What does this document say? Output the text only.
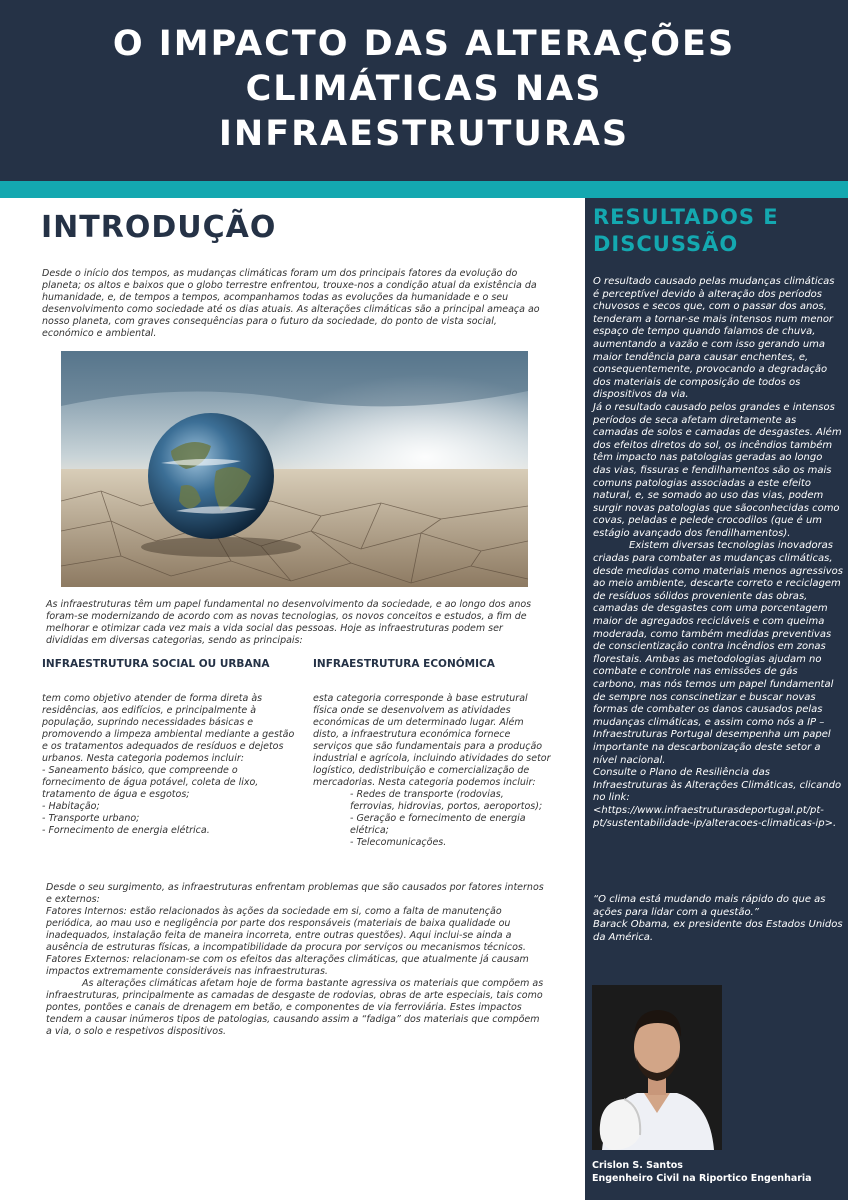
O IMPACTO DAS ALTERAÇÕES
CLIMÁTICAS NAS
INFRAESTRUTURAS
INTRODUÇÃO

Desde o início dos tempos, as mudanças climáticas foram um dos principais fatores da evolução do planeta; os altos e baixos que o globo terrestre enfrentou, trouxe-nos a condição atual da existência da humanidade, e, de tempos a tempos, acompanhamos todas as evoluções da humanidade e o seu desenvolvimento como sociedade até os dias atuais. As alterações climáticas são a principal ameaça ao nosso planeta, com graves consequências para o futuro da sociedade, do ponto de vista social, económico e ambiental.

As infraestruturas têm um papel fundamental no desenvolvimento da sociedade, e ao longo dos anos foram-se modernizando de acordo com as novas tecnologias, os novos conceitos e estudos, a fim de melhorar e otimizar cada vez mais a vida social das pessoas. Hoje as infraestruturas podem ser divididas em diversas categorias, sendo as principais:

INFRAESTRUTURA SOCIAL OU URBANA	INFRAESTRUTURA ECONÓMICA

tem como objetivo atender de forma direta às residências, aos edifícios, e principalmente à população, suprindo necessidades básicas e promovendo a limpeza ambiental mediante a gestão e os tratamentos adequados de resíduos e dejetos urbanos. Nesta categoria podemos incluir:

- Saneamento básico, que compreende o fornecimento de água potável, coleta de lixo, tratamento de água e esgotos;

- Habitação;

- Transporte urbano;

- Fornecimento de energia elétrica.

esta categoria corresponde à base estrutural física onde se desenvolvem as atividades económicas de um determinado lugar. Além disto, a infraestrutura económica fornece serviços que são fundamentais para a produção industrial e agrícola, incluindo atividades do setor logístico, dedistribuição e comercialização de mercadorias. Nesta categoria podemos incluir:

- Redes de transporte (rodovias, ferrovias, hidrovias, portos, aeroportos);

- Geração e fornecimento de energia elétrica;

- Telecomunicações.

Desde o seu surgimento, as infraestruturas enfrentam problemas que são causados por fatores internos e externos:

Fatores Internos: estão relacionados às ações da sociedade em si, como a falta de manutenção periódica, ao mau uso e negligência por parte dos responsáveis (materiais de baixa qualidade ou inadequados, instalação feita de maneira incorreta, entre outras questões). Aqui inclui-se ainda a ausência de estruturas físicas, a incompatibilidade da procura por serviços ou mecanismos técnicos.

Fatores Externos: relacionam-se com os efeitos das alterações climáticas, que atualmente já causam impactos extremamente consideráveis nas infraestruturas.

As alterações climáticas afetam hoje de forma bastante agressiva os materiais que compõem as infraestruturas, principalmente as camadas de desgaste de rodovias, obras de arte especiais, tais como pontes, pontões e canais de drenagem em betão, e componentes de via ferroviária. Estes impactos tendem a causar inúmeros tipos de patologias, causando assim a “fadiga” dos materiais que compõem a via, o solo e respetivos dispositivos.

RESULTADOS E DISCUSSÃO

O resultado causado pelas mudanças climáticas é perceptível devido à alteração dos períodos chuvosos e secos que, com o passar dos anos, tenderam a tornar-se mais intensos num menor espaço de tempo quando falamos de chuva, aumentando a vazão e com isso gerando uma maior tendência para causar enchentes, e, consequentemente, provocando a degradação dos materiais de composição de todos os dispositivos da via.

Já o resultado causado pelos grandes e intensos períodos de seca afetam diretamente as camadas de solos e camadas de desgastes. Além dos efeitos diretos do sol, os incêndios também têm impacto nas patologias geradas ao longo das vias, fissuras e fendilhamentos são os mais comuns patologias associadas a este efeito natural, e, se somado ao uso das vias, podem surgir novas patologias que sãoconhecidas como covas, peladas e pelede crocodilos (que é um estágio avançado dos fendilhamentos).

Existem diversas tecnologias inovadoras criadas para combater as mudanças climáticas, desde medidas como materiais menos agressivos ao meio ambiente, descarte correto e reciclagem de resíduos sólidos proveniente das obras, camadas de desgastes com uma porcentagem maior de agregados recicláveis e com queima moderada, como também medidas preventivas de conscientização contra incêndios em zonas florestais. Ambas as metodologias ajudam no combate e controle nas emissões de gás carbono, mas nós temos um papel fundamental de sempre nos conscinetizar e buscar novas formas de combater os danos causados pelas mudanças climáticas, e assim como nós a IP – Infraestruturas Portugal desempenha um papel importante na descarbonização deste setor a nível nacional.

Consulte o Plano de Resiliência das Infraestruturas às Alterações Climáticas, clicando no link:

<https://www.infraestruturasdeportugal.pt/pt-pt/sustentabilidade-ip/alteracoes-climaticas-ip>.

“O clima está mudando mais rápido do que as ações para lidar com a questão.”

Barack Obama, ex presidente dos Estados Unidos da América.

Crislon S. Santos
Engenheiro Civil na Riportico Engenharia
